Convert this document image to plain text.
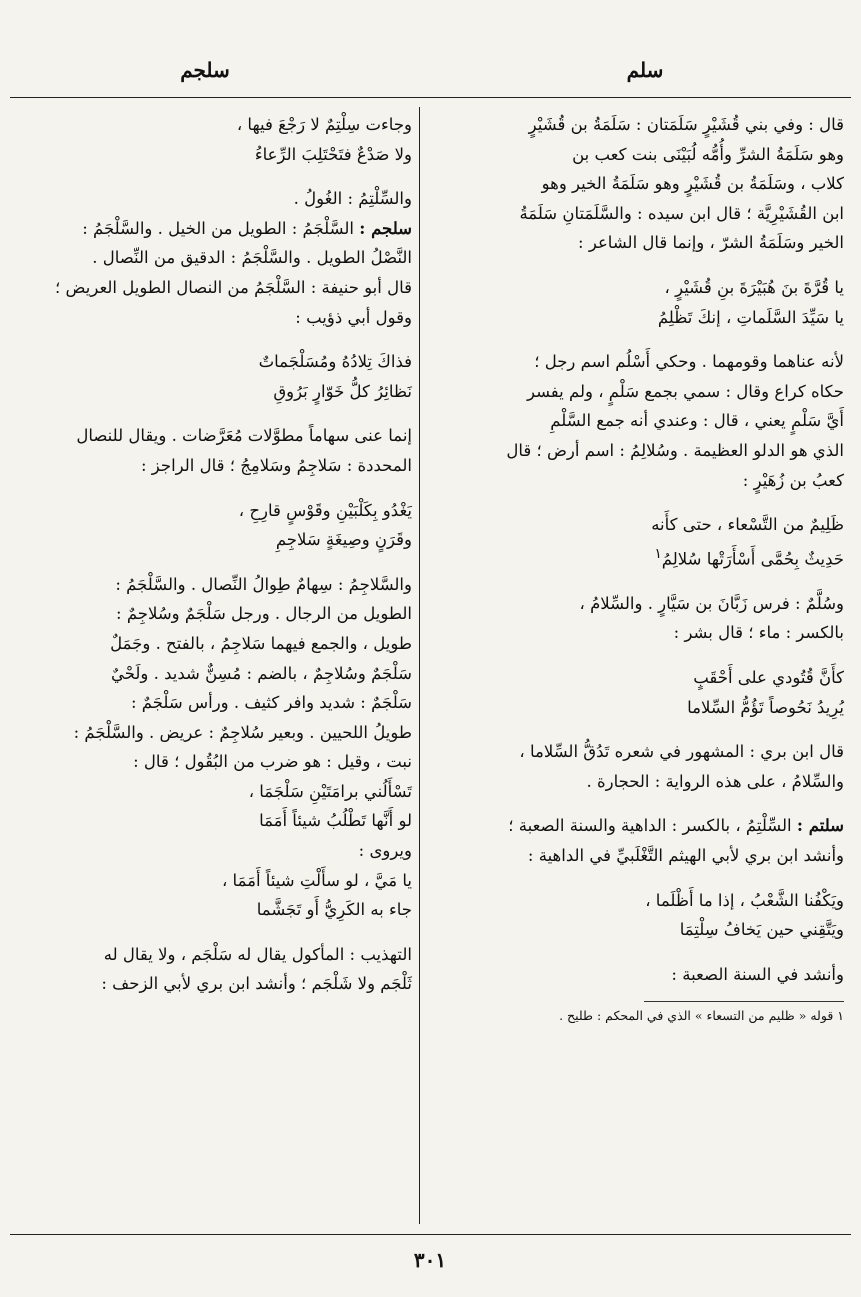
سلم
سلجم

قال : وفي بني قُشَيْرٍ سَلَمَتان : سَلَمَةُ بن قُشَيْرٍ
وهو سَلَمَةُ الشرِّ وأُمُّه لُبَيْنَى بنت كعب بن
كلاب ، وسَلَمَةُ بن قُشَيْرٍ وهو سَلَمَةُ الخير وهو
ابن القُشَيْرِيَّة ؛ قال ابن سيده : والسَّلَمَتانِ سَلَمَةُ
الخير وسَلَمَةُ الشرّ ، وإنما قال الشاعر :

يا قُرَّةَ بنَ هُبَيْرَةَ بنِ قُشَيْرٍ ،
يا سَيِّدَ السَّلَماتِ ، إنكَ تَظْلِمُ

لأنه عناهما وقومهما . وحكي أَسْلُم اسم رجل ؛
حكاه كراع وقال : سمي بجمع سَلْمٍ ، ولم يفسر
أَيَّ سَلْمٍ يعني ، قال : وعندي أنه جمع السَّلْمِ
الذي هو الدلو العظيمة . وسُلالِمُ : اسم أرض ؛ قال
كعبُ بن زُهَيْرٍ :

ظَلِيمٌ من التَّسْعاء ، حتى كأَنه
حَدِيثٌ بِحُمَّى أَسْأَرَتْها سُلالِمُ$^١$

وسُلَّمٌ : فرس زَبَّانَ بن سَيَّارٍ . والسِّلامُ ،
بالكسر : ماء ؛ قال بشر :

كأَنَّ قُتُودي على أَحْقَبٍ
يُرِيدُ نَحُوصاً تَؤُمُّ السِّلاما

قال ابن بري : المشهور في شعره تَدُقُّ السِّلاما ،
والسِّلامُ ، على هذه الرواية : الحجارة .

سلتم : السِّلْتِمُ ، بالكسر : الداهية والسنة الصعبة ؛
وأنشد ابن بري لأبي الهيثم التَّغْلَبيِّ في الداهية :

ويَكْفُنا الشَّعْبُ ، إذا ما أَظْلَما ،
ويَتَّقِني حين يَخافُ سِلْتِمَا

وأنشد في السنة الصعبة :

١ قوله « ظليم من التسعاء » الذي في المحكم : طليح .

وجاءت سِلْتِمٌ لا رَجْعَ فيها ،
ولا صَدْعٌ فتَحْتَلِبَ الرِّعاءُ

والسِّلْتِمُ : الغُولُ .

سلجم : السَّلْجَمُ : الطويل من الخيل . والسَّلْجَمُ :
النَّصْلُ الطويل . والسَّلْجَمُ : الدقيق من النِّصال .
قال أبو حنيفة : السَّلْجَمُ من النصال الطويل العريض ؛
وقول أبي ذؤيب :

فذاكَ تِلادُهُ ومُسَلْجَماتٌ
نَظائِرُ كلُّ خَوّارٍ بَرُوقِ

إنما عنى سهاماً مطوَّلات مُعَرَّضات . ويقال للنصال
المحددة : سَلاجِمُ وسَلامِجُ ؛ قال الراجز :

يَغْدُو بِكَلْبَيْنِ وقَوْسٍ قارِحِ ،
وقَرَنٍ وصِيغَةٍ سَلاجِمِ

والسَّلاجِمُ : سِهامٌ طِوالُ النِّصال . والسَّلْجَمُ :
الطويل من الرجال . ورجل سَلْجَمٌ وسُلاجِمٌ :
طويل ، والجمع فيهما سَلاجِمُ ، بالفتح . وجَمَلٌ
سَلْجَمٌ وسُلاجِمٌ ، بالضم : مُسِنٌّ شديد . ولَحْيٌ
سَلْجَمٌ : شديد وافر كثيف . ورأس سَلْجَمٌ :
طويلُ اللحيين . وبعير سُلاجِمٌ : عريض . والسَّلْجَمُ :
نبت ، وقيل : هو ضرب من البُقُول ؛ قال :

تَسْأَلُني برامَتَيْنِ سَلْجَمَا ،
لو أَنَّها تَطْلُبُ شيئاً أَمَمَا

ويروى :

يا مَيَّ ، لو سأَلْتِ شيئاً أَمَمَا ،
جاء به الكَرِيُّ أَو تَجَشَّما

التهذيب : المأكول يقال له سَلْجَم ، ولا يقال له
ثَلْجَم ولا شَلْجَم ؛ وأنشد ابن بري لأبي الزحف :

٣٠١
